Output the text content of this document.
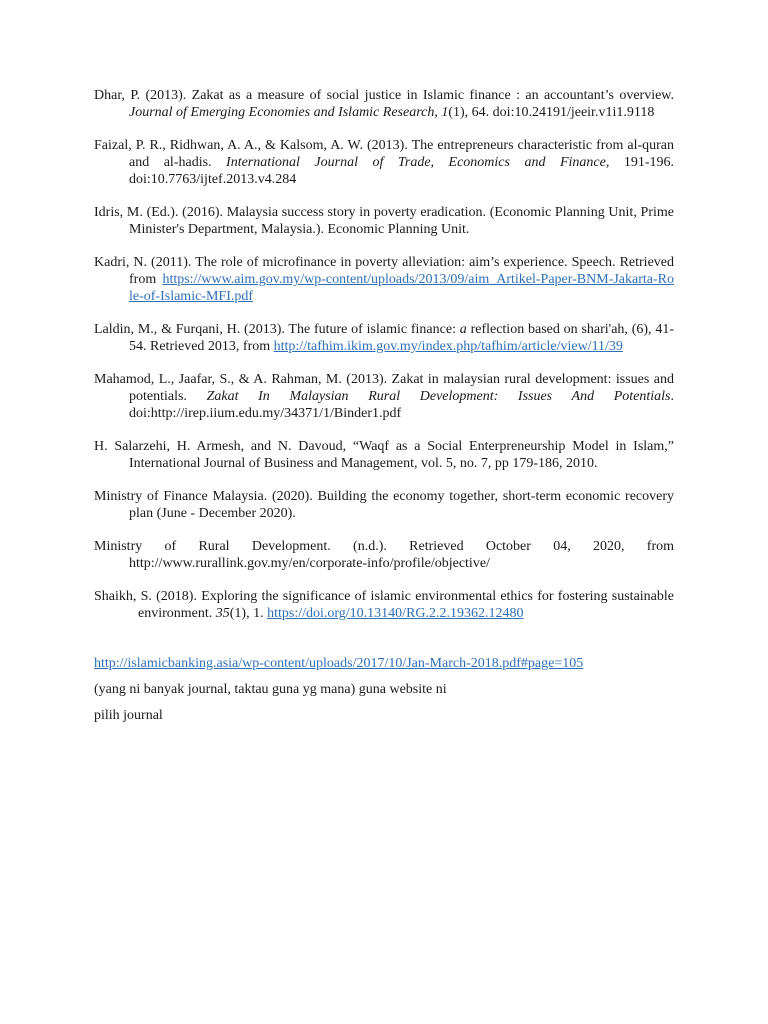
Dhar, P. (2013). Zakat as a measure of social justice in Islamic finance : an accountant’s overview. Journal of Emerging Economies and Islamic Research, 1(1), 64. doi:10.24191/jeeir.v1i1.9118

Faizal, P. R., Ridhwan, A. A., & Kalsom, A. W. (2013). The entrepreneurs characteristic from al-quran and al-hadis. International Journal of Trade, Economics and Finance, 191-196. doi:10.7763/ijtef.2013.v4.284

Idris, M. (Ed.). (2016). Malaysia success story in poverty eradication. (Economic Planning Unit, Prime Minister's Department, Malaysia.). Economic Planning Unit.

Kadri, N. (2011). The role of microfinance in poverty alleviation: aim’s experience. Speech. Retrieved from https://www.aim.gov.my/wp-content/uploads/2013/09/aim_Artikel-Paper-BNM-Jakarta-Role-of-Islamic-MFI.pdf

Laldin, M., & Furqani, H. (2013). The future of islamic finance: a reflection based on shari'ah, (6), 41-54. Retrieved 2013, from http://tafhim.ikim.gov.my/index.php/tafhim/article/view/11/39

Mahamod, L., Jaafar, S., & A. Rahman, M. (2013). Zakat in malaysian rural development: issues and potentials. Zakat In Malaysian Rural Development: Issues And Potentials. doi:http://irep.iium.edu.my/34371/1/Binder1.pdf

H. Salarzehi, H. Armesh, and N. Davoud, “Waqf as a Social Enterpreneurship Model in Islam,” International Journal of Business and Management, vol. 5, no. 7, pp 179-186, 2010.

Ministry of Finance Malaysia. (2020). Building the economy together, short-term economic recovery plan (June - December 2020).

Ministry of Rural Development. (n.d.). Retrieved October 04, 2020, from http://www.rurallink.gov.my/en/corporate-info/profile/objective/

Shaikh, S. (2018). Exploring the significance of islamic environmental ethics for fostering sustainable environment. 35(1), 1. https://doi.org/10.13140/RG.2.2.19362.12480

http://islamicbanking.asia/wp-content/uploads/2017/10/Jan-March-2018.pdf#page=105

(yang ni banyak journal, taktau guna yg mana) guna website ni

pilih journal
